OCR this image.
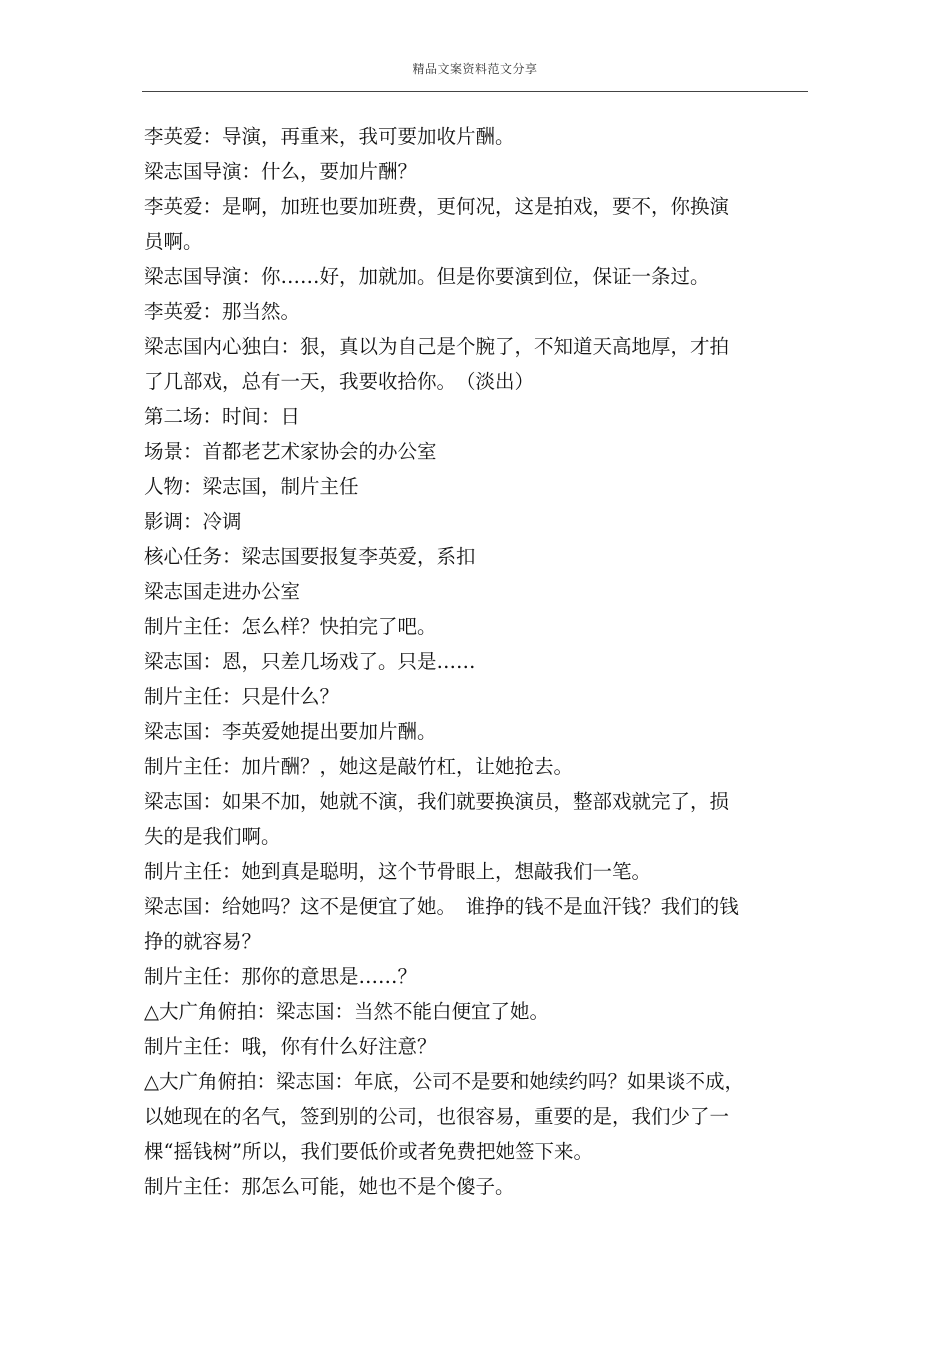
精品文案资料范文分享
李英爱：导演，再重来，我可要加收片酬。
梁志国导演：什么，要加片酬？
李英爱：是啊，加班也要加班费，更何况，这是拍戏，要不，你换演
员啊。
梁志国导演：你……好，加就加。但是你要演到位，保证一条过。
李英爱：那当然。
梁志国内心独白：狠，真以为自己是个腕了，不知道天高地厚，才拍
了几部戏，总有一天，我要收拾你。　（淡出）
第二场：时间：日
场景：首都老艺术家协会的办公室
人物：梁志国，制片主任
影调：冷调
核心任务：梁志国要报复李英爱，系扣
梁志国走进办公室
制片主任：怎么样？快拍完了吧。
梁志国：恩，只差几场戏了。只是……
制片主任：只是什么？
梁志国：李英爱她提出要加片酬。
制片主任：加片酬？，她这是敲竹杠，让她抢去。
梁志国：如果不加，她就不演，我们就要换演员，整部戏就完了，损
失的是我们啊。
制片主任：她到真是聪明，这个节骨眼上，想敲我们一笔。
梁志国：给她吗？这不是便宜了她。　谁挣的钱不是血汗钱？我们的钱
挣的就容易？
制片主任：那你的意思是……？
△大广角俯拍：梁志国：当然不能白便宜了她。
制片主任：哦，你有什么好注意？
△大广角俯拍：梁志国：年底，公司不是要和她续约吗？如果谈不成，
以她现在的名气，签到别的公司，也很容易，重要的是，我们少了一
棵“摇钱树”所以，我们要低价或者免费把她签下来。
制片主任：那怎么可能，她也不是个傻子。
